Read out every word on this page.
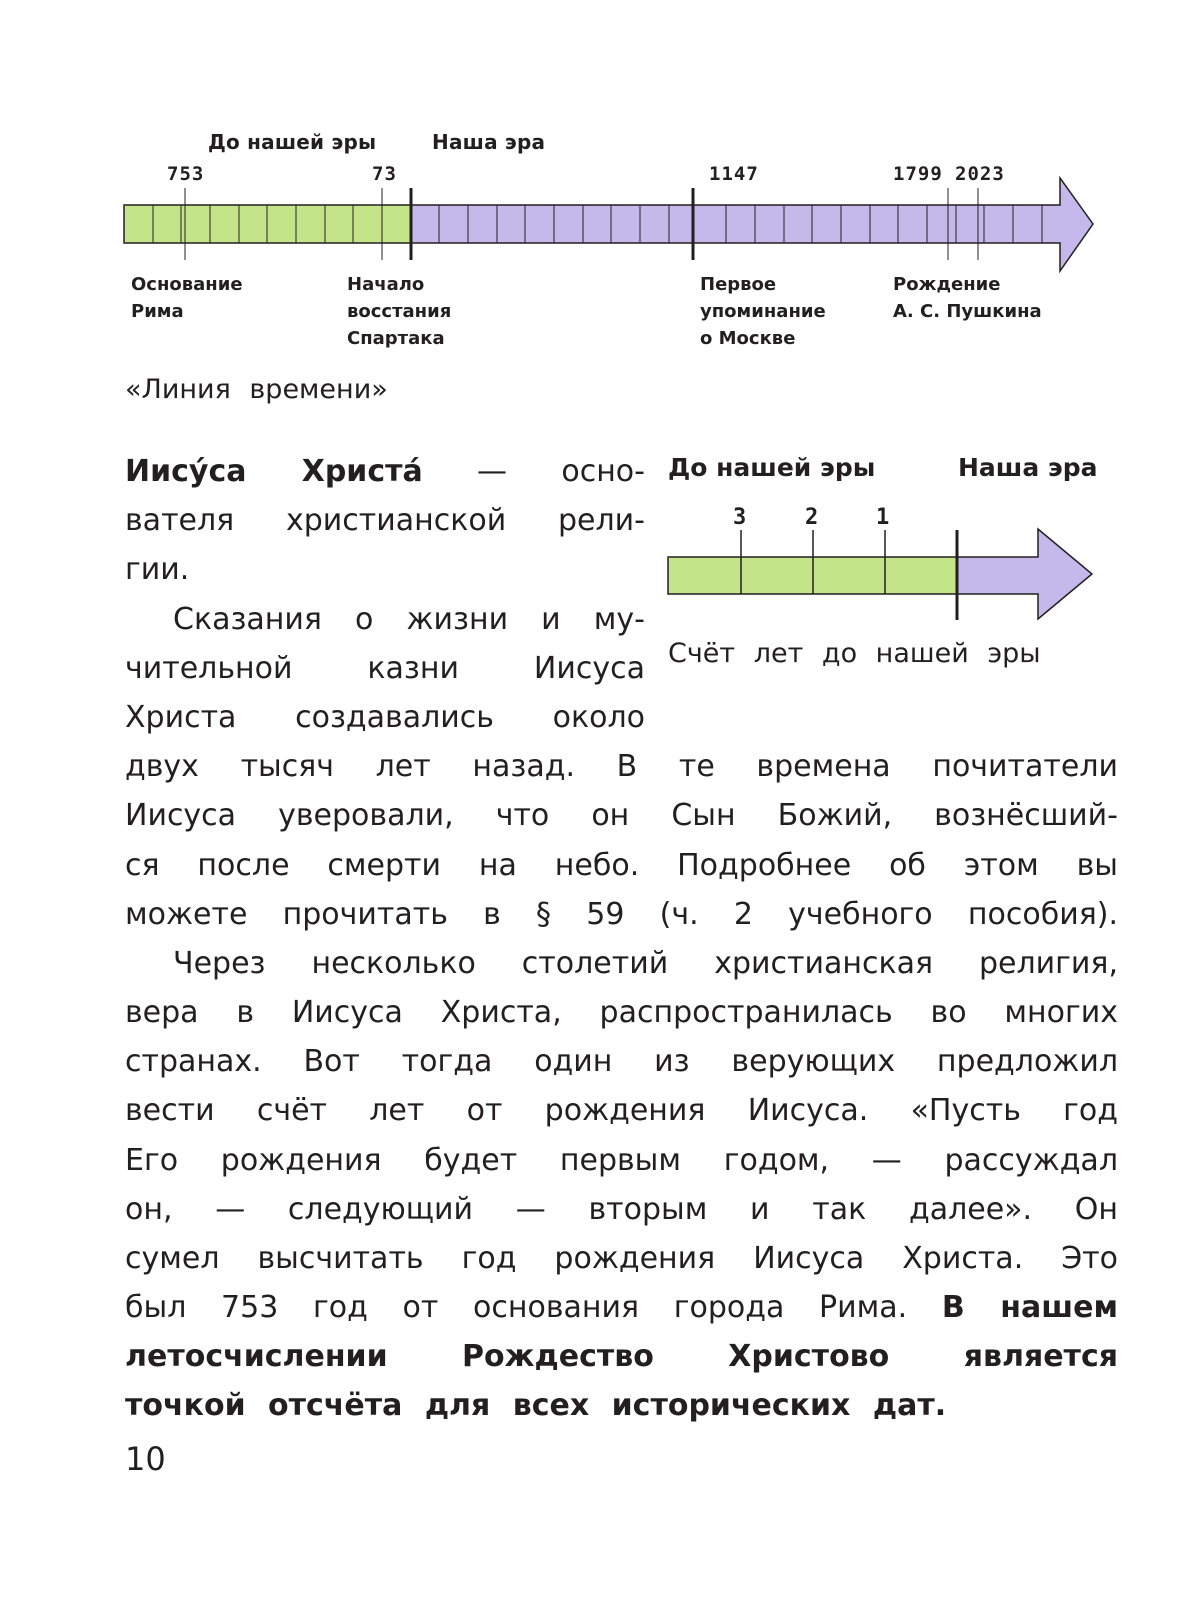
До нашей эры	Наша эра
753	73	1147	1799 2023
Основание
Рима
Начало
восстания
Спартака
Первое
упоминание
о Москве
Рождение
А. С. Пушкина
«Линия времени»
До нашей эры	Наша эра
3	2	1
Счёт лет до нашей эры
Иису́са Христа́ — осно-
вателя христианской рели-
гии.
Сказания о жизни и му-
чительной казни Иисуса
Христа создавались около
двух тысяч лет назад. В те времена почитатели
Иисуса уверовали, что он Сын Божий, вознёсший-
ся после смерти на небо. Подробнее об этом вы
можете прочитать в § 59 (ч. 2 учебного пособия).
Через несколько столетий христианская религия,
вера в Иисуса Христа, распространилась во многих
странах. Вот тогда один из верующих предложил
вести счёт лет от рождения Иисуса. «Пусть год
Его рождения будет первым годом, — рассуждал
он, — следующий — вторым и так далее». Он
сумел высчитать год рождения Иисуса Христа. Это
был 753 год от основания города Рима. В нашем
летосчислении Рождество Христово является
точкой отсчёта для всех исторических дат.
10
